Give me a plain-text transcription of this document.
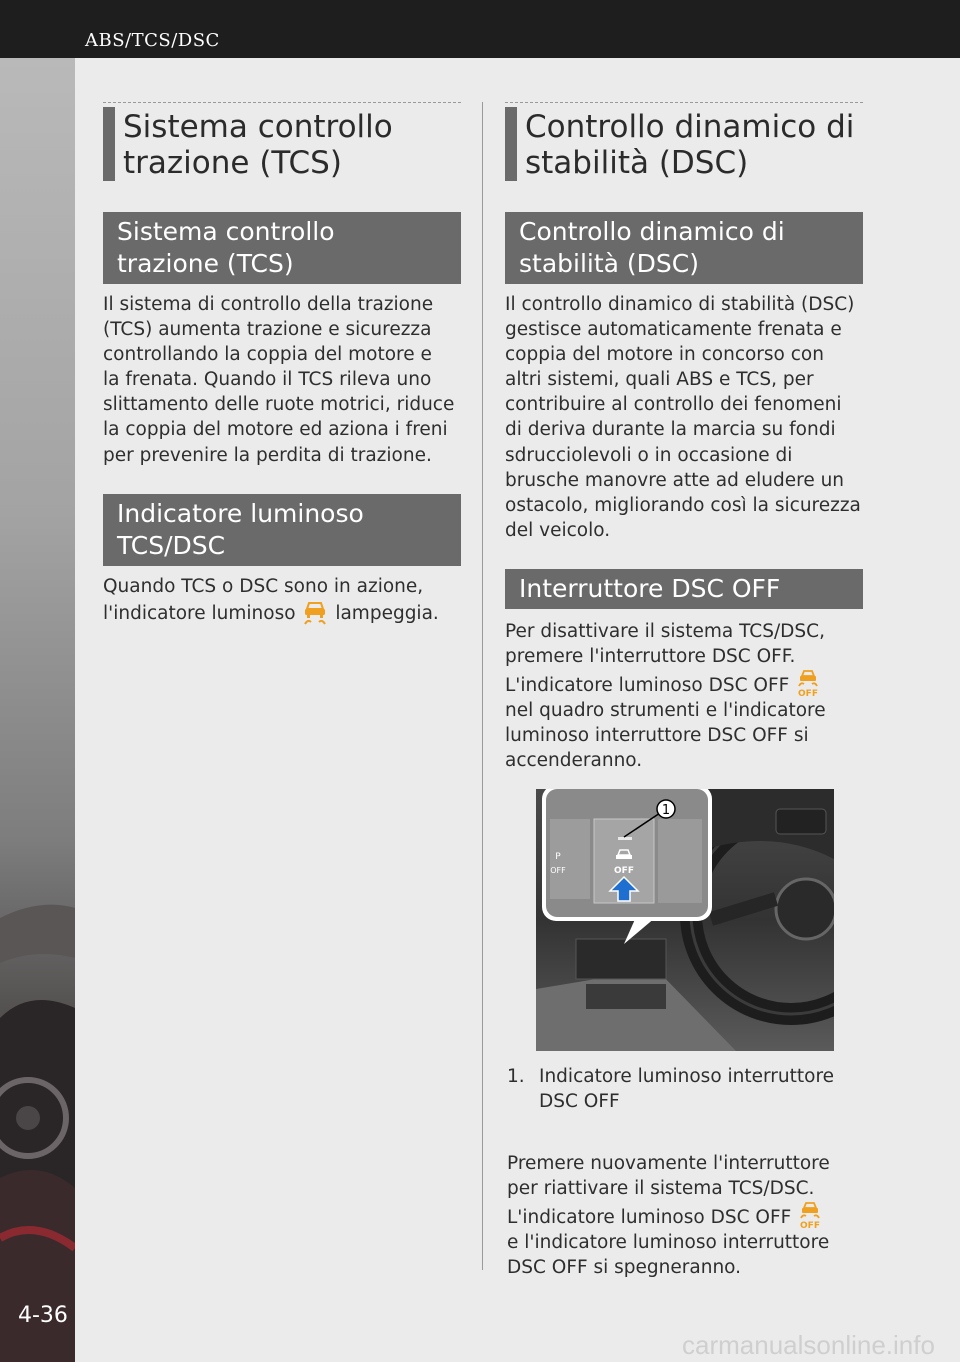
ABS/TCS/DSC
4-36
Sistema controllo
trazione (TCS)
Sistema controllo
trazione (TCS)
Il sistema di controllo della trazione
(TCS) aumenta trazione e sicurezza
controllando la coppia del motore e
la frenata. Quando il TCS rileva uno
slittamento delle ruote motrici, riduce
la coppia del motore ed aziona i freni
per prevenire la perdita di trazione.
Indicatore luminoso
TCS/DSC
Quando TCS o DSC sono in azione,
l'indicatore luminoso lampeggia.
Controllo dinamico di
stabilità (DSC)
Controllo dinamico di
stabilità (DSC)
Il controllo dinamico di stabilità (DSC)
gestisce automaticamente frenata e
coppia del motore in concorso con
altri sistemi, quali ABS e TCS, per
contribuire al controllo dei fenomeni
di deriva durante la marcia su fondi
sdrucciolevoli o in occasione di
brusche manovre atte ad eludere un
ostacolo, migliorando così la sicurezza
del veicolo.
Interruttore DSC OFF
Per disattivare il sistema TCS/DSC,
premere l'interruttore DSC OFF.
L'indicatore luminoso DSC OFF OFF
nel quadro strumenti e l'indicatore
luminoso interruttore DSC OFF si
accenderanno.
OFF
OFF
P
1
1. Indicatore luminoso interruttore
DSC OFF
Premere nuovamente l'interruttore
per riattivare il sistema TCS/DSC.
L'indicatore luminoso DSC OFF OFF
e l'indicatore luminoso interruttore
DSC OFF si spegneranno.
carmanualsonline.info
